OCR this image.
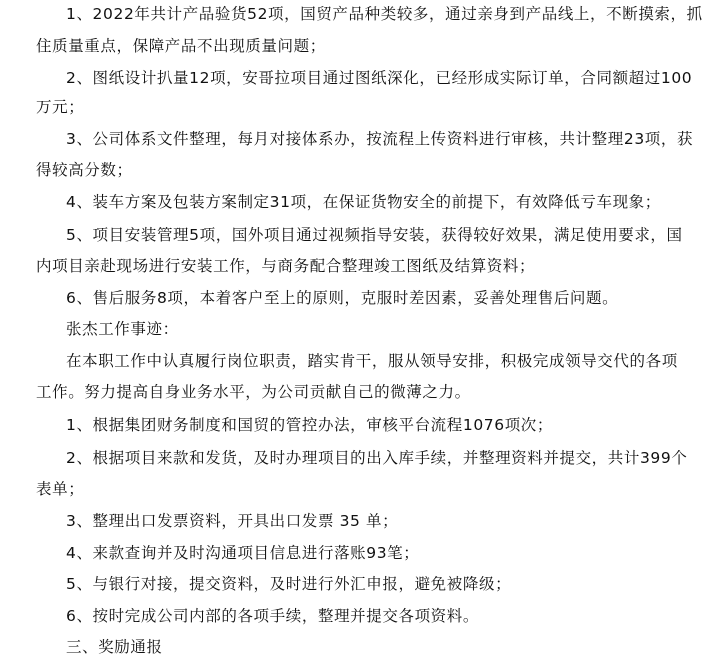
1、2022年共计产品验货52项，国贸产品种类较多，通过亲身到产品线上，不断摸索，抓
住质量重点，保障产品不出现质量问题；
2、图纸设计扒量12项，安哥拉项目通过图纸深化，已经形成实际订单，合同额超过100
万元；
3、公司体系文件整理，每月对接体系办，按流程上传资料进行审核，共计整理23项，获
得较高分数；
4、装车方案及包装方案制定31项，在保证货物安全的前提下，有效降低亏车现象；
5、项目安装管理5项，国外项目通过视频指导安装，获得较好效果，满足使用要求，国
内项目亲赴现场进行安装工作，与商务配合整理竣工图纸及结算资料；
6、售后服务8项，本着客户至上的原则，克服时差因素，妥善处理售后问题。
张杰工作事迹：
在本职工作中认真履行岗位职责，踏实肯干，服从领导安排，积极完成领导交代的各项
工作。努力提高自身业务水平，为公司贡献自己的微薄之力。
1、根据集团财务制度和国贸的管控办法，审核平台流程1076项次；
2、根据项目来款和发货，及时办理项目的出入库手续，并整理资料并提交，共计399个
表单；
3、整理出口发票资料，开具出口发票 35 单；
4、来款查询并及时沟通项目信息进行落账93笔；
5、与银行对接，提交资料，及时进行外汇申报，避免被降级；
6、按时完成公司内部的各项手续，整理并提交各项资料。
三、奖励通报
